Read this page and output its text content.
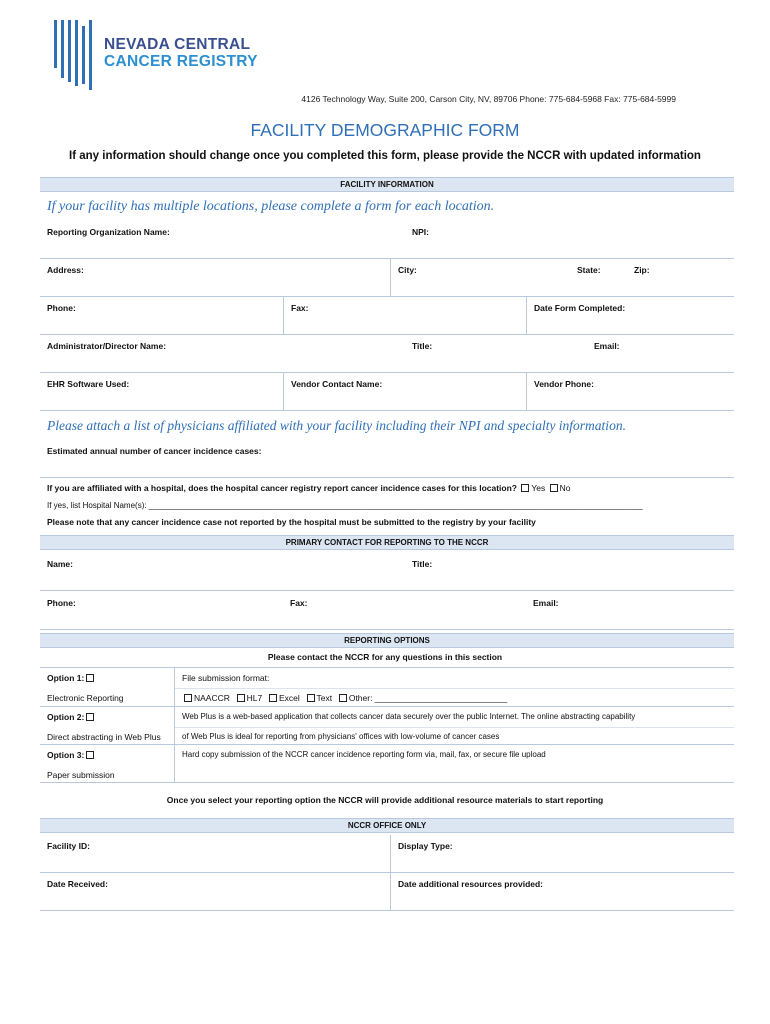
NEVADA CENTRAL
CANCER REGISTRY
4126 Technology Way, Suite 200, Carson City, NV, 89706 Phone: 775-684-5968 Fax: 775-684-5999
FACILITY DEMOGRAPHIC FORM
If any information should change once you completed this form, please provide the NCCR with updated information
FACILITY INFORMATION
If your facility has multiple locations, please complete a form for each location.
Reporting Organization Name:	NPI:
Address:	City:	State:	Zip:
Phone:	Fax:	Date Form Completed:
Administrator/Director Name:	Title:	Email:
EHR Software Used:	Vendor Contact Name:	Vendor Phone:
Please attach a list of physicians affiliated with your facility including their NPI and specialty information.
Estimated annual number of cancer incidence cases:
If you are affiliated with a hospital, does the hospital cancer registry report cancer incidence cases for this location? Yes No
If yes, list Hospital Name(s): _______________________________________________________________________________________________________________
Please note that any cancer incidence case not reported by the hospital must be submitted to the registry by your facility
PRIMARY CONTACT FOR REPORTING TO THE NCCR
Name:	Title:
Phone:	Fax:	Email:
REPORTING OPTIONS
Please contact the NCCR for any questions in this section
Option 1:
Electronic Reporting
File submission format:
NAACCR HL7 Excel Text Other: ____________________________
Option 2:
Direct abstracting in Web Plus
Web Plus is a web-based application that collects cancer data securely over the public Internet. The online abstracting capability
of Web Plus is ideal for reporting from physicians' offices with low-volume of cancer cases
Option 3:
Paper submission
Hard copy submission of the NCCR cancer incidence reporting form via, mail, fax, or secure file upload
Once you select your reporting option the NCCR will provide additional resource materials to start reporting
NCCR OFFICE ONLY
Facility ID:	Display Type:
Date Received:	Date additional resources provided:
